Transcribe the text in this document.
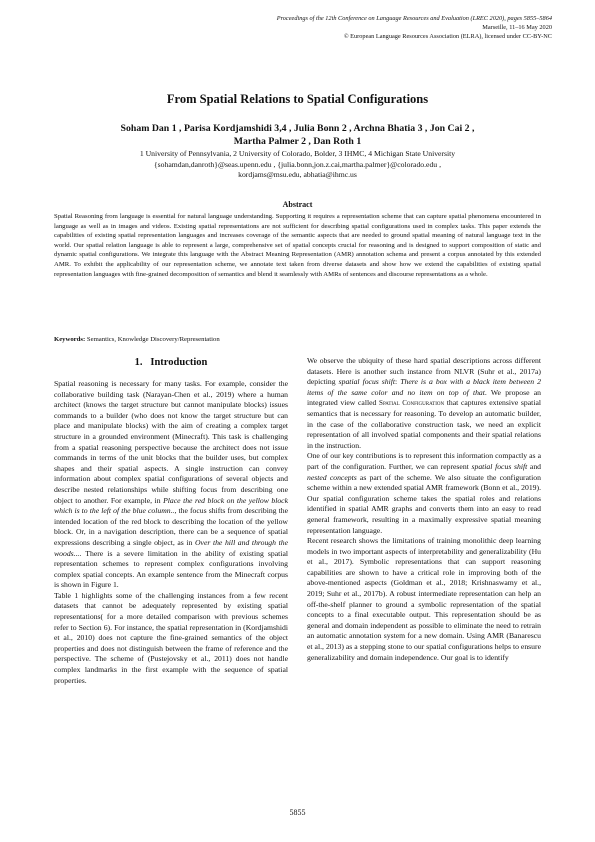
Proceedings of the 12th Conference on Language Resources and Evaluation (LREC 2020), pages 5855–5864
Marseille, 11–16 May 2020
© European Language Resources Association (ELRA), licensed under CC-BY-NC
From Spatial Relations to Spatial Configurations
Soham Dan 1 , Parisa Kordjamshidi 3,4 , Julia Bonn 2 , Archna Bhatia 3 , Jon Cai 2 ,
Martha Palmer 2 , Dan Roth 1
1 University of Pennsylvania, 2 University of Colorado, Bolder, 3 IHMC, 4 Michigan State University
{sohamdan,danroth}@seas.upenn.edu , {julia.bonn,jon.z.cai,martha.palmer}@colorado.edu ,
kordjams@msu.edu, abhatia@ihmc.us
Abstract

Spatial Reasoning from language is essential for natural language understanding. Supporting it requires a representation scheme that can capture spatial phenomena encountered in language as well as in images and videos. Existing spatial representations are not sufficient for describing spatial configurations used in complex tasks. This paper extends the capabilities of existing spatial representation languages and increases coverage of the semantic aspects that are needed to ground spatial meaning of natural language text in the world. Our spatial relation language is able to represent a large, comprehensive set of spatial concepts crucial for reasoning and is designed to support composition of static and dynamic spatial configurations. We integrate this language with the Abstract Meaning Representation (AMR) annotation schema and present a corpus annotated by this extended AMR. To exhibit the applicability of our representation scheme, we annotate text taken from diverse datasets and show how we extend the capabilities of existing spatial representation languages with fine-grained decomposition of semantics and blend it seamlessly with AMRs of sentences and discourse representations as a whole.

Keywords: Semantics, Knowledge Discovery/Representation
1. Introduction

Spatial reasoning is necessary for many tasks. For example, consider the collaborative building task (Narayan-Chen et al., 2019) where a human architect (knows the target structure but cannot manipulate blocks) issues commands to a builder (who does not know the target structure but can place and manipulate blocks) with the aim of creating a complex target structure in a grounded environment (Minecraft). This task is challenging from a spatial reasoning perspective because the architect does not issue commands in terms of the unit blocks that the builder uses, but complex shapes and their spatial aspects. A single instruction can convey information about complex spatial configurations of several objects and describe nested relationships while shifting focus from describing one object to another. For example, in Place the red block on the yellow block which is to the left of the blue column.., the focus shifts from describing the intended location of the red block to describing the location of the yellow block. Or, in a navigation description, there can be a sequence of spatial expressions describing a single object, as in Over the hill and through the woods.... There is a severe limitation in the ability of existing spatial representation schemes to represent complex configurations involving complex spatial concepts. An example sentence from the Minecraft corpus is shown in Figure 1.

Table 1 highlights some of the challenging instances from a few recent datasets that cannot be adequately represented by existing spatial representations( for a more detailed comparison with previous schemes refer to Section 6). For instance, the spatial representation in (Kordjamshidi et al., 2010) does not capture the fine-grained semantics of the object properties and does not distinguish between the frame of reference and the perspective. The scheme of (Pustejovsky et al., 2011) does not handle complex landmarks in the first example with the sequence of spatial properties.

We observe the ubiquity of these hard spatial descriptions across different datasets. Here is another such instance from NLVR (Suhr et al., 2017a) depicting spatial focus shift: There is a box with a black item between 2 items of the same color and no item on top of that. We propose an integrated view called Spatial Configuration that captures extensive spatial semantics that is necessary for reasoning. To develop an automatic builder, in the case of the collaborative construction task, we need an explicit representation of all involved spatial components and their spatial relations in the instruction.

One of our key contributions is to represent this information compactly as a part of the configuration. Further, we can represent spatial focus shift and nested concepts as part of the scheme. We also situate the configuration scheme within a new extended spatial AMR framework (Bonn et al., 2019). Our spatial configuration scheme takes the spatial roles and relations identified in spatial AMR graphs and converts them into an easy to read general framework, resulting in a maximally expressive spatial meaning representation language.

Recent research shows the limitations of training monolithic deep learning models in two important aspects of interpretability and generalizability (Hu et al., 2017). Symbolic representations that can support reasoning capabilities are shown to have a critical role in improving both of the above-mentioned aspects (Goldman et al., 2018; Krishnaswamy et al., 2019; Suhr et al., 2017b). A robust intermediate representation can help an off-the-shelf planner to ground a symbolic representation of the spatial concepts to a final executable output. This representation should be as general and domain independent as possible to eliminate the need to retrain an automatic annotation system for a new domain. Using AMR (Banarescu et al., 2013) as a stepping stone to our spatial configurations helps to ensure generalizability and domain independence. Our goal is to identify

5855
